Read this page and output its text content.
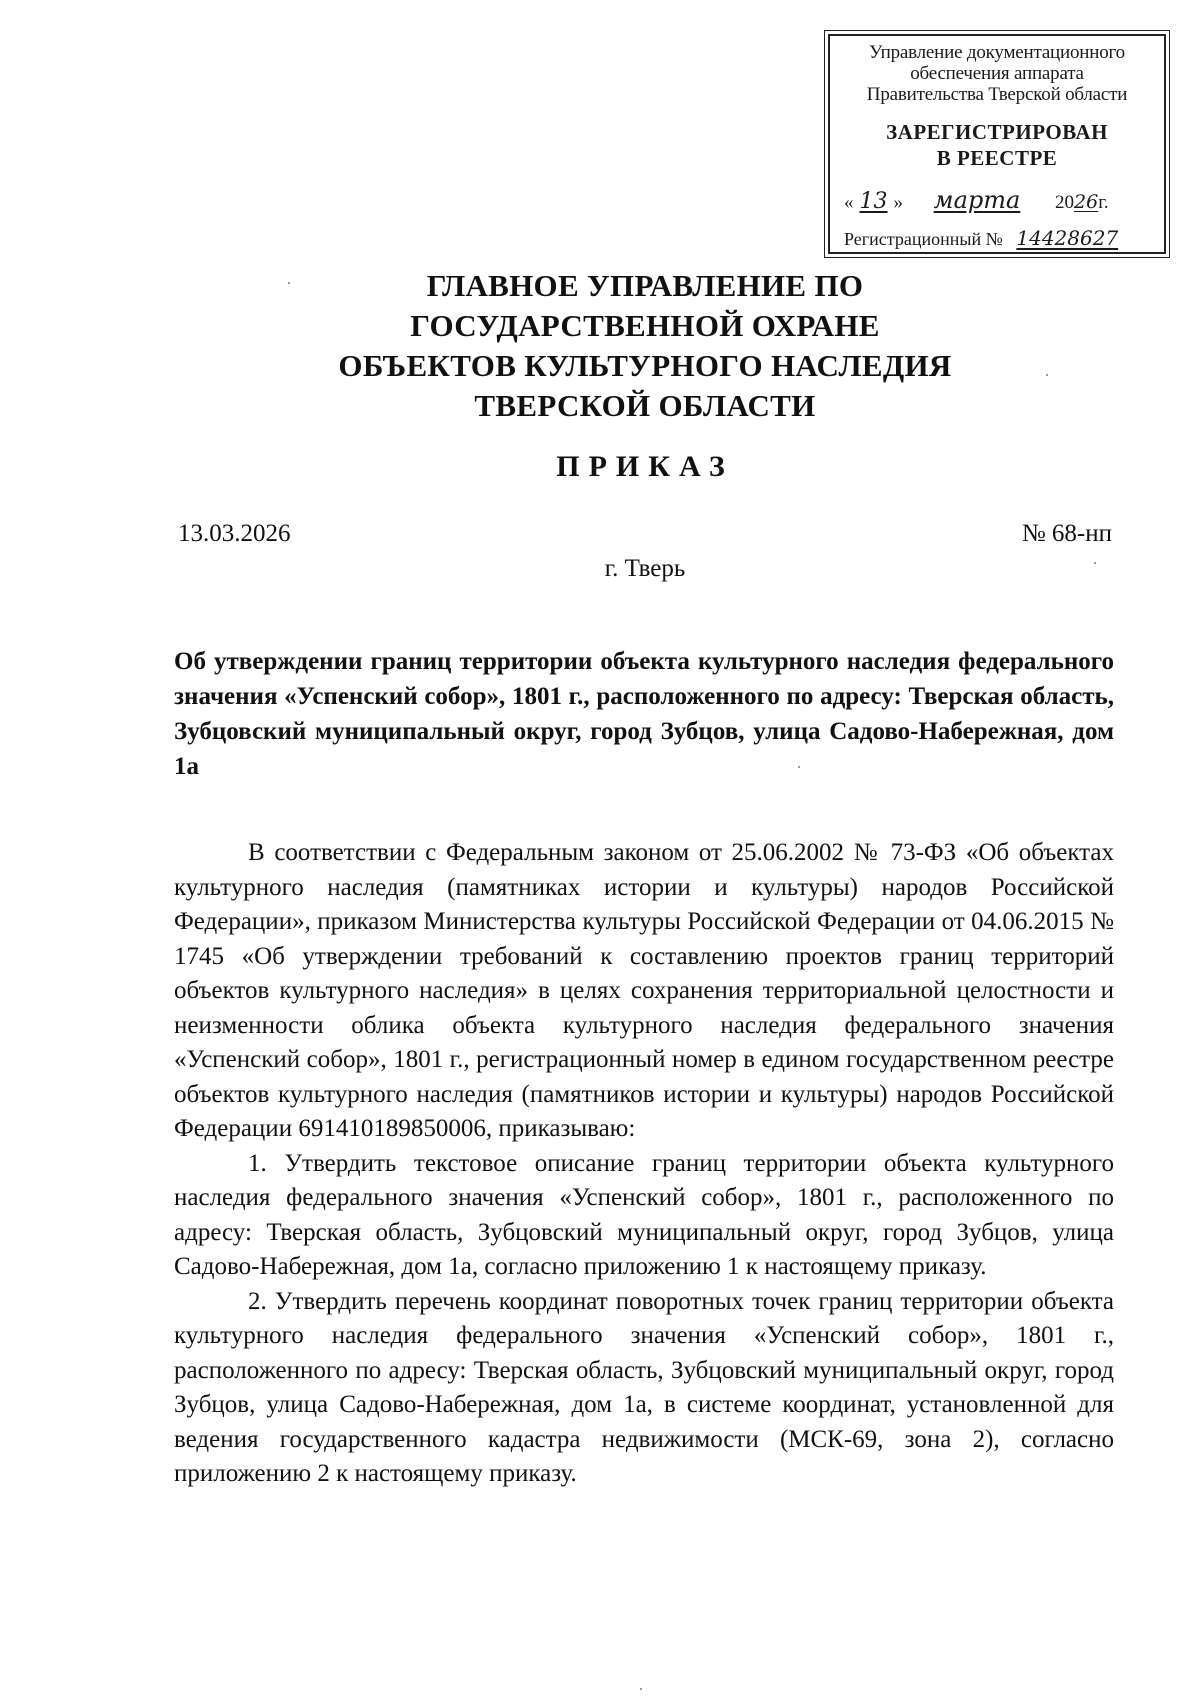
Управление документационного
обеспечения аппарата
Правительства Тверской области
ЗАРЕГИСТРИРОВАН
В РЕЕСТРЕ
« 13 » марта 2026г.
Регистрационный № 14428627
ГЛАВНОЕ УПРАВЛЕНИЕ ПО
ГОСУДАРСТВЕННОЙ ОХРАНЕ
ОБЪЕКТОВ КУЛЬТУРНОГО НАСЛЕДИЯ
ТВЕРСКОЙ ОБЛАСТИ
ПРИКАЗ
13.03.2026	№ 68-нп
г. Тверь
Об утверждении границ территории объекта культурного наследия федерального значения «Успенский собор», 1801 г., расположенного по адресу: Тверская область, Зубцовский муниципальный округ, город Зубцов, улица Садово-Набережная, дом 1а

В соответствии с Федеральным законом от 25.06.2002 № 73-ФЗ «Об объектах культурного наследия (памятниках истории и культуры) народов Российской Федерации», приказом Министерства культуры Российской Федерации от 04.06.2015 № 1745 «Об утверждении требований к составлению проектов границ территорий объектов культурного наследия» в целях сохранения территориальной целостности и неизменности облика объекта культурного наследия федерального значения «Успенский собор», 1801 г., регистрационный номер в едином государственном реестре объектов культурного наследия (памятников истории и культуры) народов Российской Федерации 691410189850006, приказываю:

1. Утвердить текстовое описание границ территории объекта культурного наследия федерального значения «Успенский собор», 1801 г., расположенного по адресу: Тверская область, Зубцовский муниципальный округ, город Зубцов, улица Садово-Набережная, дом 1а, согласно приложению 1 к настоящему приказу.

2. Утвердить перечень координат поворотных точек границ территории объекта культурного наследия федерального значения «Успенский собор», 1801 г., расположенного по адресу: Тверская область, Зубцовский муниципальный округ, город Зубцов, улица Садово-Набережная, дом 1а, в системе координат, установленной для ведения государственного кадастра недвижимости (МСК-69, зона 2), согласно приложению 2 к настоящему приказу.
